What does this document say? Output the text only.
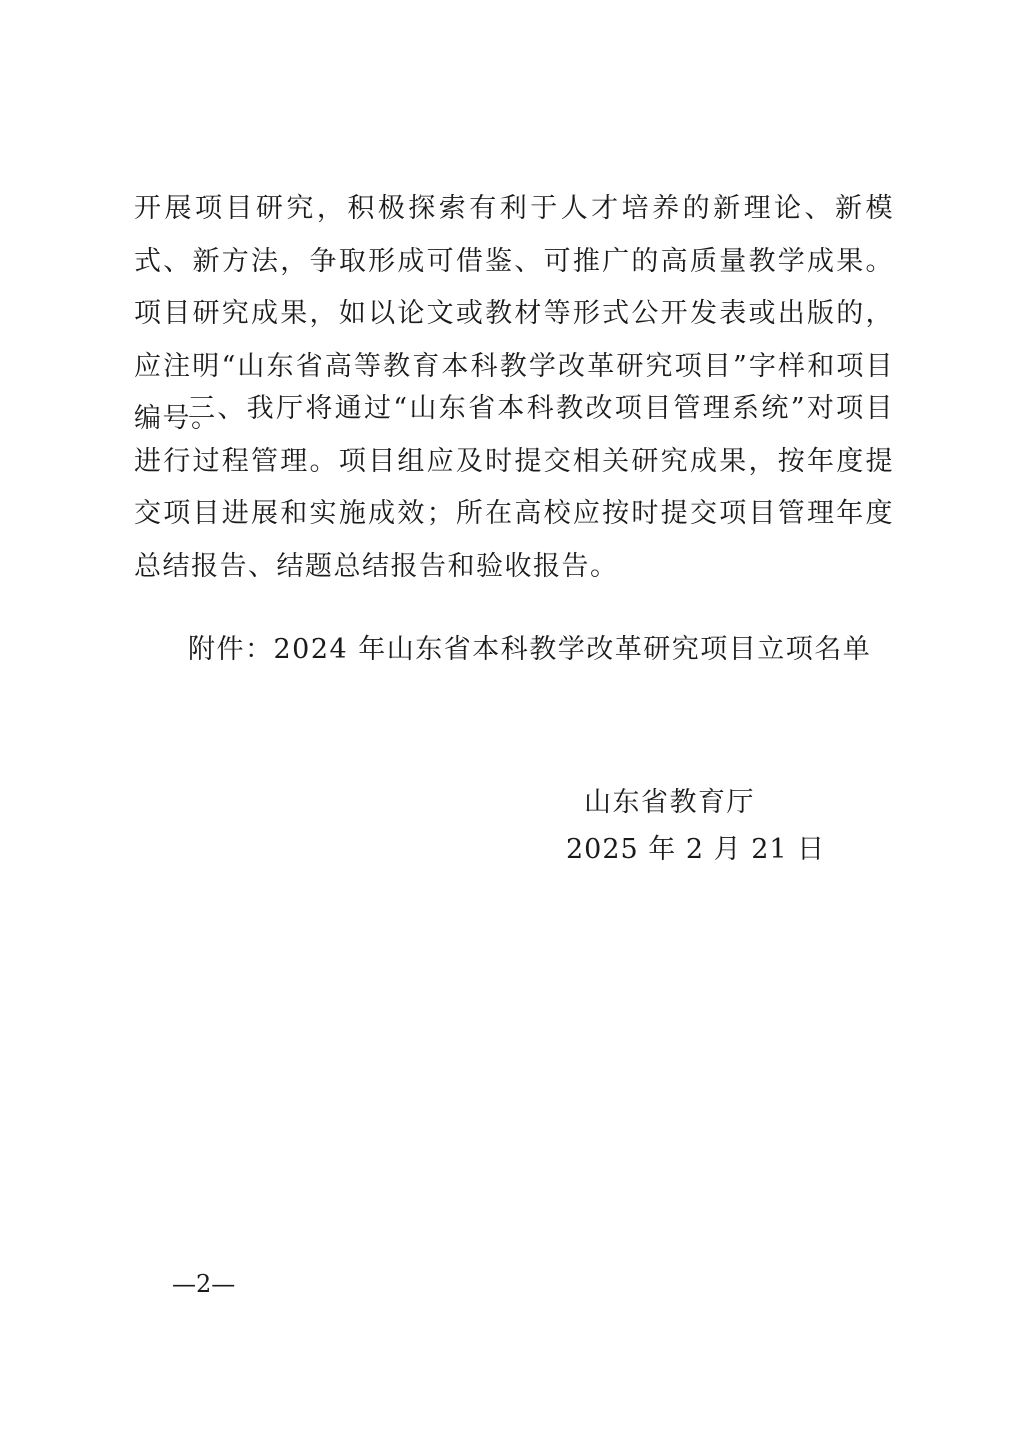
开展项目研究，积极探索有利于人才培养的新理论、新模式、新方法，争取形成可借鉴、可推广的高质量教学成果。项目研究成果，如以论文或教材等形式公开发表或出版的，应注明“山东省高等教育本科教学改革研究项目”字样和项目编号。

三、我厅将通过“山东省本科教改项目管理系统”对项目进行过程管理。项目组应及时提交相关研究成果，按年度提交项目进展和实施成效；所在高校应按时提交项目管理年度总结报告、结题总结报告和验收报告。

附件：2024 年山东省本科教学改革研究项目立项名单
山东省教育厅
2025 年 2 月 21 日
—2—
